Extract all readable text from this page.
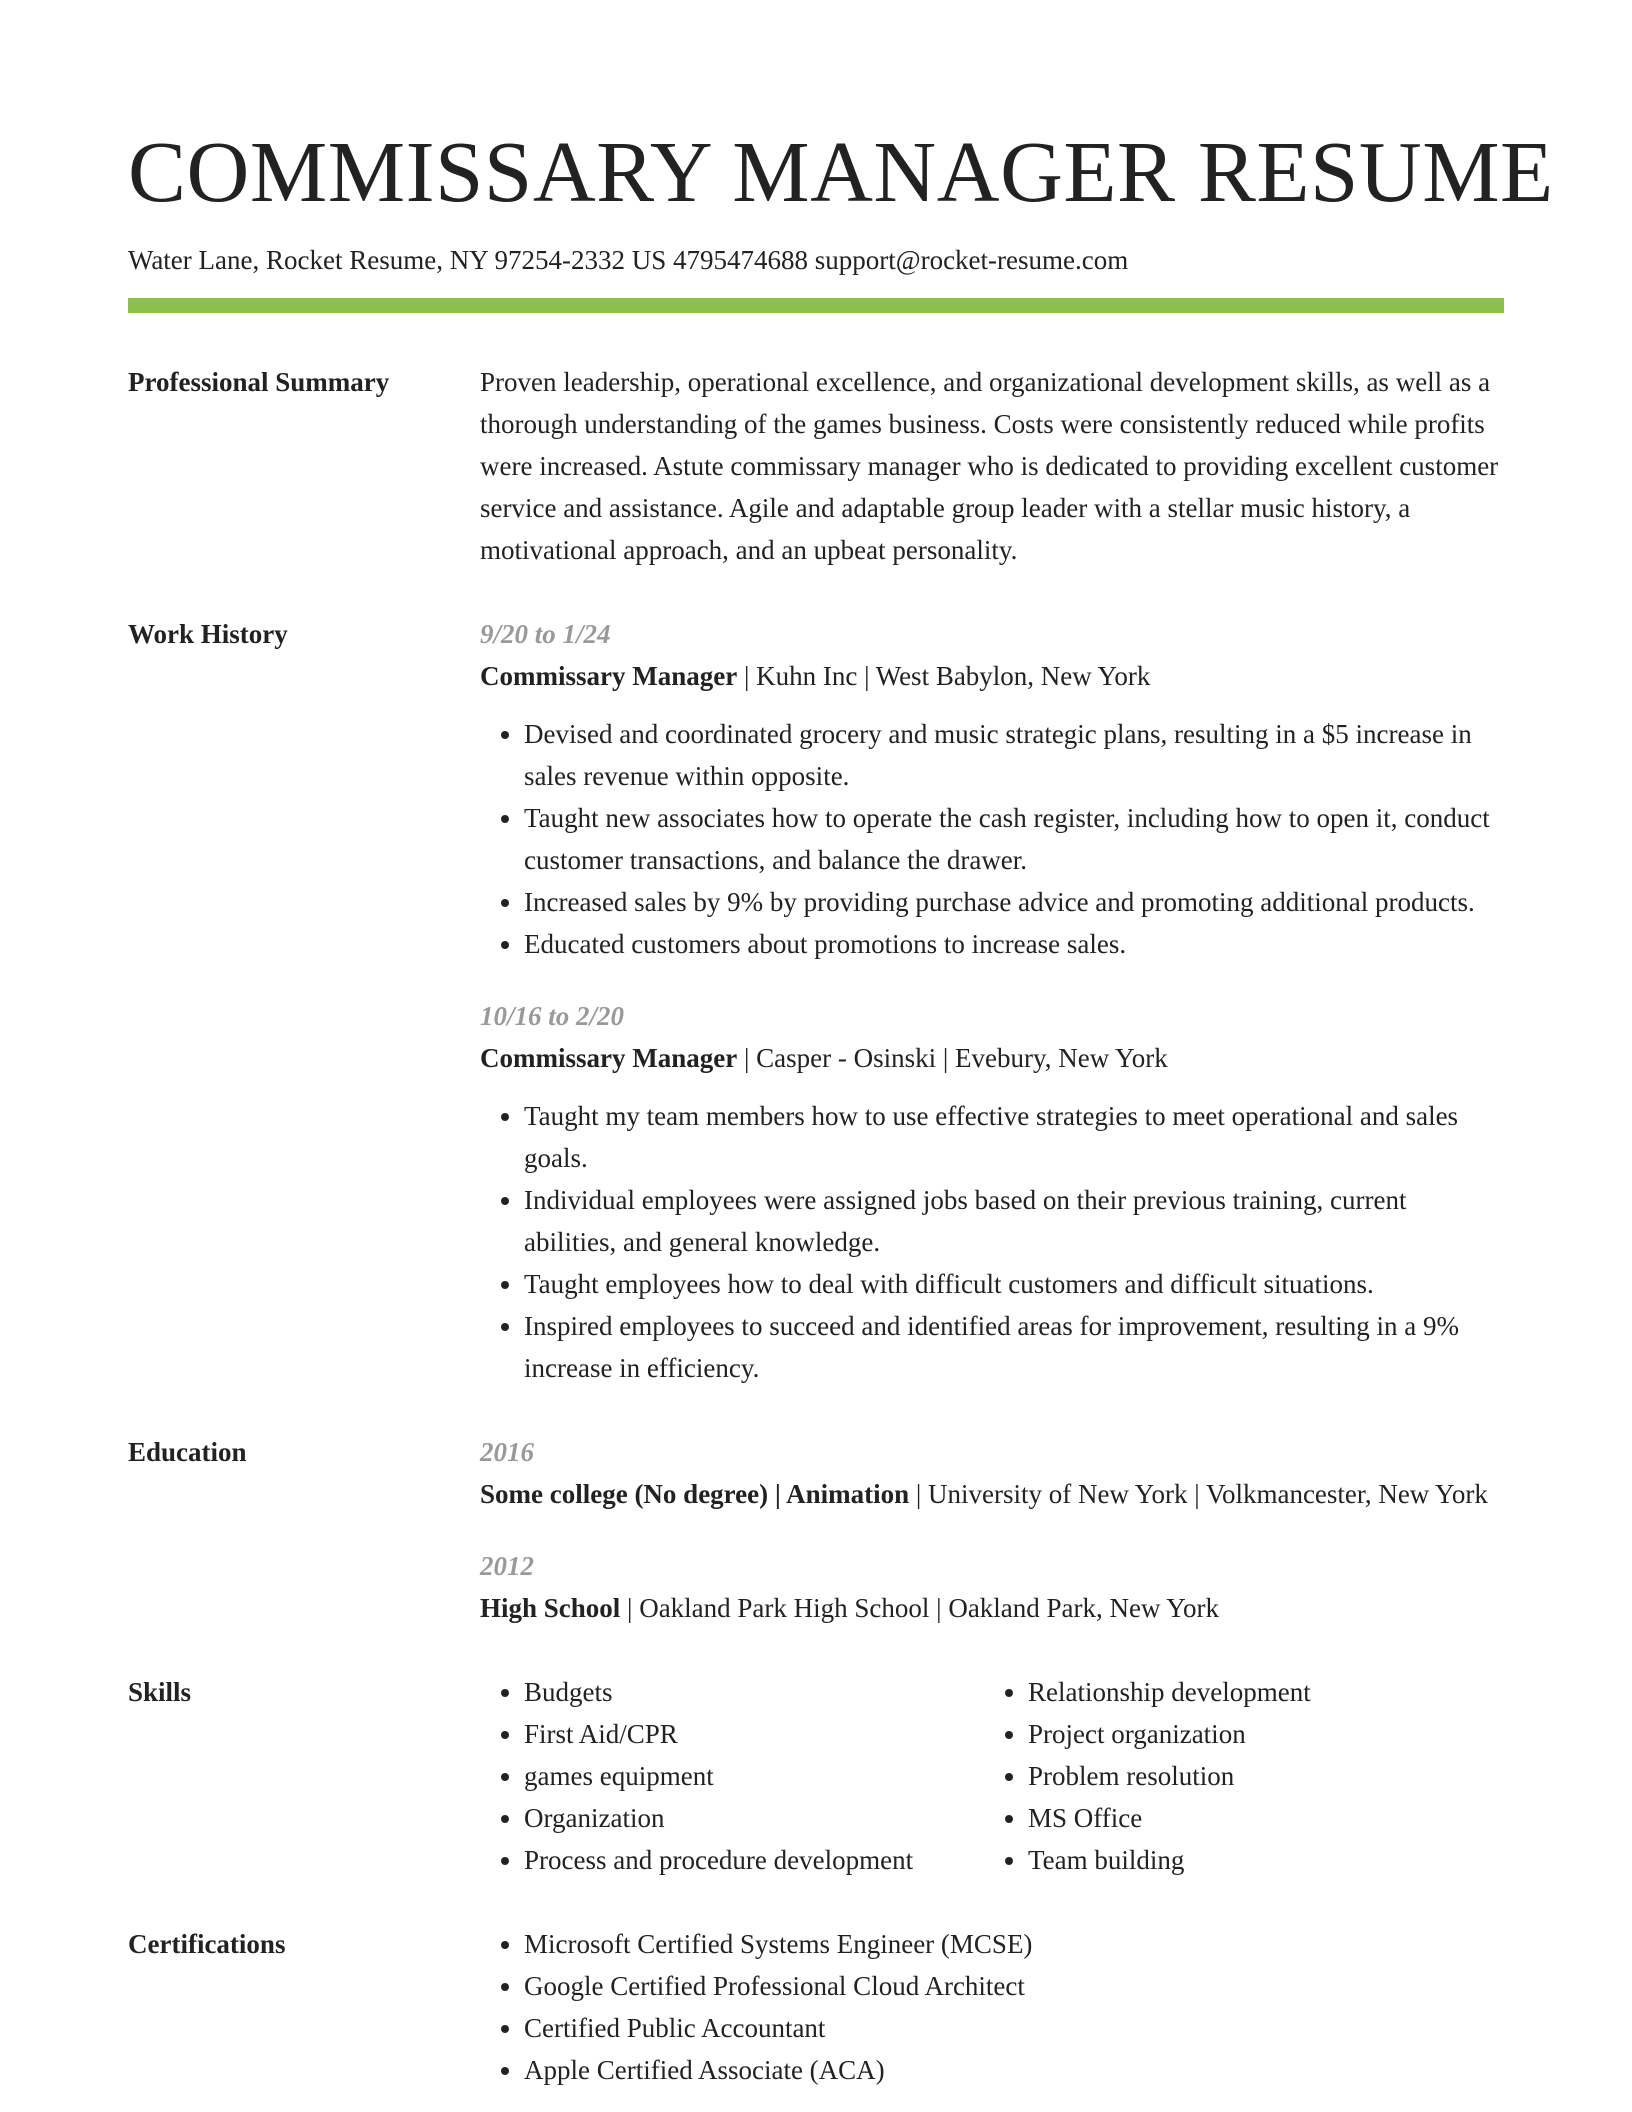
COMMISSARY MANAGER RESUME
Water Lane, Rocket Resume, NY 97254-2332 US 4795474688 support@rocket-resume.com
Professional Summary	Proven leadership, operational excellence, and organizational development skills, as well as a thorough understanding of the games business. Costs were consistently reduced while profits were increased. Astute commissary manager who is dedicated to providing excellent customer service and assistance. Agile and adaptable group leader with a stellar music history, a motivational approach, and an upbeat personality.

Work History	9/20 to 1/24
Commissary Manager | Kuhn Inc | West Babylon, New York
• Devised and coordinated grocery and music strategic plans, resulting in a $5 increase in sales revenue within opposite.
• Taught new associates how to operate the cash register, including how to open it, conduct customer transactions, and balance the drawer.
• Increased sales by 9% by providing purchase advice and promoting additional products.
• Educated customers about promotions to increase sales.
10/16 to 2/20
Commissary Manager | Casper - Osinski | Evebury, New York
• Taught my team members how to use effective strategies to meet operational and sales goals.
• Individual employees were assigned jobs based on their previous training, current abilities, and general knowledge.
• Taught employees how to deal with difficult customers and difficult situations.
• Inspired employees to succeed and identified areas for improvement, resulting in a 9% increase in efficiency.
Education	2016
Some college (No degree) | Animation | University of New York | Volkmancester, New York
2012
High School | Oakland Park High School | Oakland Park, New York
Skills	• Budgets
• First Aid/CPR
• games equipment
• Organization
• Process and procedure development
• Relationship development
• Project organization
• Problem resolution
• MS Office
• Team building
Certifications	• Microsoft Certified Systems Engineer (MCSE)
• Google Certified Professional Cloud Architect
• Certified Public Accountant
• Apple Certified Associate (ACA)
